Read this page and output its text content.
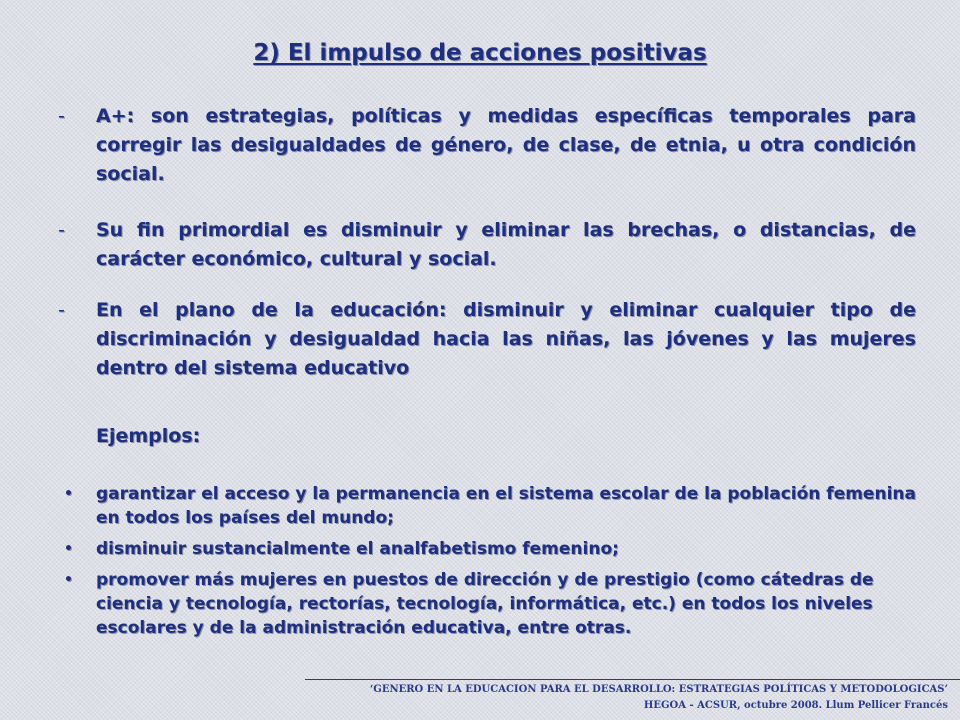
2) El impulso de acciones positivas
- A+: son estrategias, políticas y medidas específicas temporales para corregir las desigualdades de género, de clase, de etnia, u otra condición social.
- Su fin primordial es disminuir y eliminar las brechas, o distancias, de carácter económico, cultural y social.
- En el plano de la educación: disminuir y eliminar cualquier tipo de discriminación y desigualdad hacia las niñas, las jóvenes y las mujeres dentro del sistema educativo
Ejemplos:
• garantizar el acceso y la permanencia en el sistema escolar de la población femenina en todos los países del mundo;
• disminuir sustancialmente el analfabetismo femenino;
• promover más mujeres en puestos de dirección y de prestigio (como cátedras de ciencia y tecnología, rectorías, tecnología, informática, etc.) en todos los niveles escolares y de la administración educativa, entre otras.
‘GENERO EN LA EDUCACION PARA EL DESARROLLO: ESTRATEGIAS POLÍTICAS Y METODOLOGICAS’
HEGOA - ACSUR, octubre 2008. Llum Pellicer Francés
